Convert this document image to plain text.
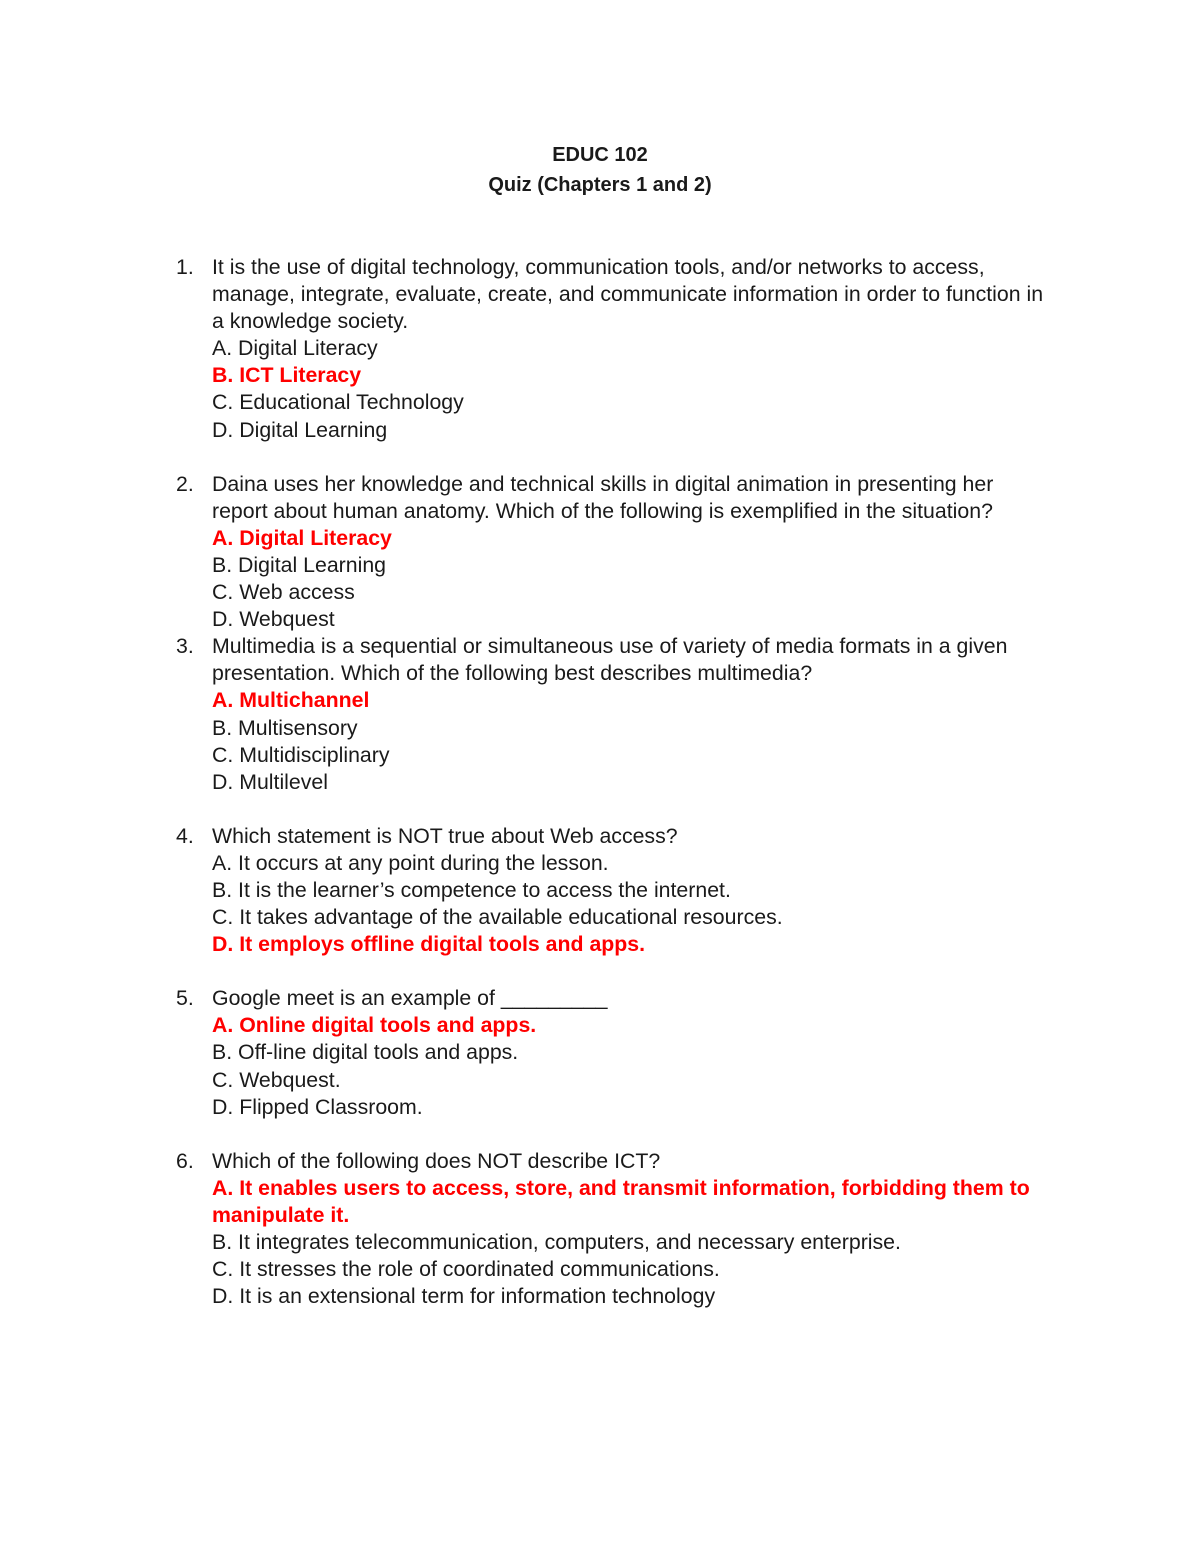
EDUC 102
Quiz (Chapters 1 and 2)
1. It is the use of digital technology, communication tools, and/or networks to access, manage, integrate, evaluate, create, and communicate information in order to function in a knowledge society.
A. Digital Literacy
B. ICT Literacy
C. Educational Technology
D. Digital Learning
2. Daina uses her knowledge and technical skills in digital animation in presenting her report about human anatomy. Which of the following is exemplified in the situation?
A. Digital Literacy
B. Digital Learning
C. Web access
D. Webquest
3. Multimedia is a sequential or simultaneous use of variety of media formats in a given presentation. Which of the following best describes multimedia?
A. Multichannel
B. Multisensory
C. Multidisciplinary
D. Multilevel
4. Which statement is NOT true about Web access?
A. It occurs at any point during the lesson.
B. It is the learner’s competence to access the internet.
C. It takes advantage of the available educational resources.
D. It employs offline digital tools and apps.
5. Google meet is an example of _________
A. Online digital tools and apps.
B. Off-line digital tools and apps.
C. Webquest.
D. Flipped Classroom.
6. Which of the following does NOT describe ICT?
A. It enables users to access, store, and transmit information, forbidding them to manipulate it.
B. It integrates telecommunication, computers, and necessary enterprise.
C. It stresses the role of coordinated communications.
D. It is an extensional term for information technology
